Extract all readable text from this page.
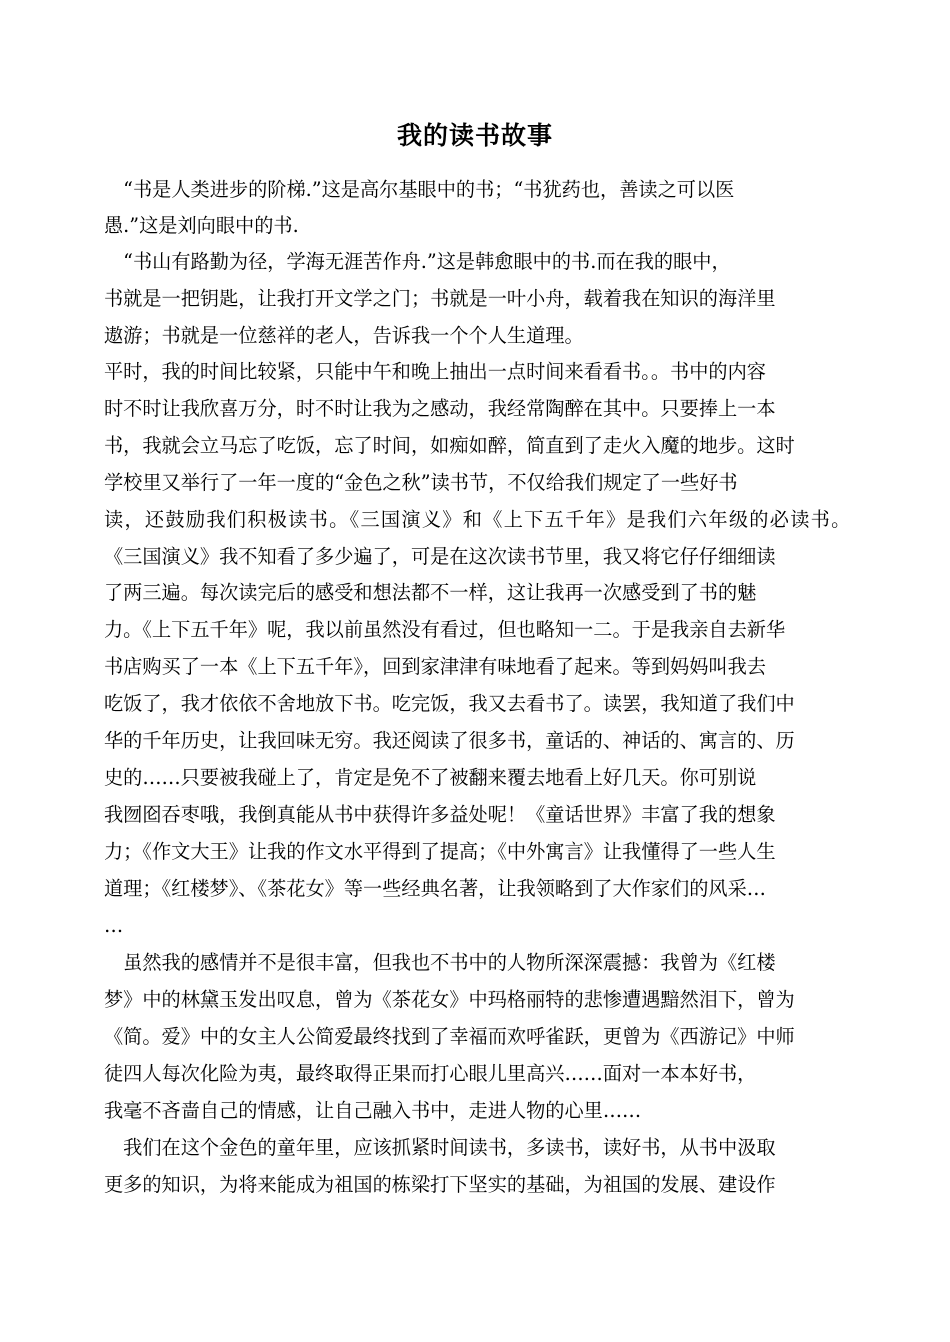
我的读书故事
　“书是人类进步的阶梯.”这是高尔基眼中的书；“书犹药也，善读之可以医
愚.”这是刘向眼中的书.
　“书山有路勤为径，学海无涯苦作舟.”这是韩愈眼中的书.而在我的眼中，
书就是一把钥匙，让我打开文学之门；书就是一叶小舟，载着我在知识的海洋里
遨游；书就是一位慈祥的老人，告诉我一个个人生道理。
平时，我的时间比较紧，只能中午和晚上抽出一点时间来看看书。。书中的内容
时不时让我欣喜万分，时不时让我为之感动，我经常陶醉在其中。只要捧上一本
书，我就会立马忘了吃饭，忘了时间，如痴如醉，简直到了走火入魔的地步。这时
学校里又举行了一年一度的“金色之秋”读书节，不仅给我们规定了一些好书
读，还鼓励我们积极读书。《三国演义》和《上下五千年》是我们六年级的必读书。
《三国演义》我不知看了多少遍了，可是在这次读书节里，我又将它仔仔细细读
了两三遍。每次读完后的感受和想法都不一样，这让我再一次感受到了书的魅
力。《上下五千年》呢，我以前虽然没有看过，但也略知一二。于是我亲自去新华
书店购买了一本《上下五千年》，回到家津津有味地看了起来。等到妈妈叫我去
吃饭了，我才依依不舍地放下书。吃完饭，我又去看书了。读罢，我知道了我们中
华的千年历史，让我回味无穷。我还阅读了很多书，童话的、神话的、寓言的、历
史的……只要被我碰上了，肯定是免不了被翻来覆去地看上好几天。你可别说
我囫囵吞枣哦，我倒真能从书中获得许多益处呢！《童话世界》丰富了我的想象
力；《作文大王》让我的作文水平得到了提高；《中外寓言》让我懂得了一些人生
道理；《红楼梦》、《茶花女》等一些经典名著，让我领略到了大作家们的风采…
…
　虽然我的感情并不是很丰富，但我也不书中的人物所深深震撼：我曾为《红楼
梦》中的林黛玉发出叹息，曾为《茶花女》中玛格丽特的悲惨遭遇黯然泪下，曾为
《简。爱》中的女主人公简爱最终找到了幸福而欢呼雀跃，更曾为《西游记》中师
徒四人每次化险为夷，最终取得正果而打心眼儿里高兴……面对一本本好书，
我毫不吝啬自己的情感，让自己融入书中，走进人物的心里……
　我们在这个金色的童年里，应该抓紧时间读书，多读书，读好书，从书中汲取
更多的知识，为将来能成为祖国的栋梁打下坚实的基础，为祖国的发展、建设作
